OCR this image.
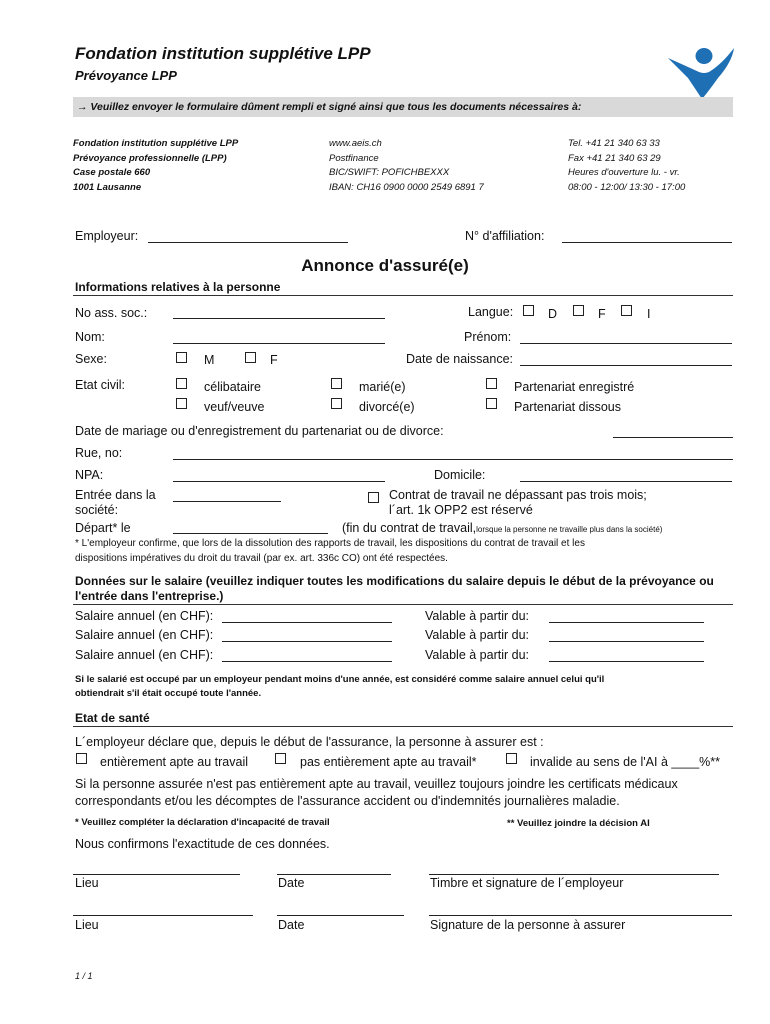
Fondation institution supplétive LPP
Prévoyance LPP
→ Veuillez envoyer le formulaire dûment rempli et signé ainsi que tous les documents nécessaires à:
Fondation institution supplétive LPP
Prévoyance professionnelle (LPP)
Case postale 660
1001 Lausanne
www.aeis.ch
Postfinance
BIC/SWIFT: POFICHBEXXX
IBAN: CH16 0900 0000 2549 6891 7
Tel. +41 21 340 63 33
Fax +41 21 340 63 29
Heures d'ouverture lu. - vr.
08:00 - 12:00/ 13:30 - 17:00
Employeur:	N° d'affiliation:
Annonce d'assuré(e)
Informations relatives à la personne
No ass. soc.:	Langue:	D	F	I
Nom:	Prénom:
Sexe:	M	F	Date de naissance:
Etat civil:	célibataire	marié(e)	Partenariat enregistré
veuf/veuve	divorcé(e)	Partenariat dissous
Date de mariage ou d'enregistrement du partenariat ou de divorce:
Rue, no:
NPA:	Domicile:
Entrée dans la
société:
Contrat de travail ne dépassant pas trois mois;
l´art. 1k OPP2 est réservé
Départ* le	(fin du contrat de travail,lorsque la personne ne travaille plus dans la société)
* L'employeur confirme, que lors de la dissolution des rapports de travail, les dispositions du contrat de travail et les
dispositions impératives du droit du travail (par ex. art. 336c CO) ont été respectées.
Données sur le salaire (veuillez indiquer toutes les modifications du salaire depuis le début de la prévoyance ou
l'entrée dans l'entreprise.)
Salaire annuel (en CHF):	Valable à partir du:
Salaire annuel (en CHF):	Valable à partir du:
Salaire annuel (en CHF):	Valable à partir du:
Si le salarié est occupé par un employeur pendant moins d'une année, est considéré comme salaire annuel celui qu'il
obtiendrait s'il était occupé toute l'année.
Etat de santé
L´employeur déclare que, depuis le début de l'assurance, la personne à assurer est :
entièrement apte au travail	pas entièrement apte au travail*	invalide au sens de l'AI à ____%**
Si la personne assurée n'est pas entièrement apte au travail, veuillez toujours joindre les certificats médicaux
correspondants et/ou les décomptes de l'assurance accident ou d'indemnités journalières maladie.
* Veuillez compléter la déclaration d'incapacité de travail	** Veuillez joindre la décision AI
Nous confirmons l'exactitude de ces données.
Lieu	Date	Timbre et signature de l´employeur
Lieu	Date	Signature de la personne à assurer
1 / 1
